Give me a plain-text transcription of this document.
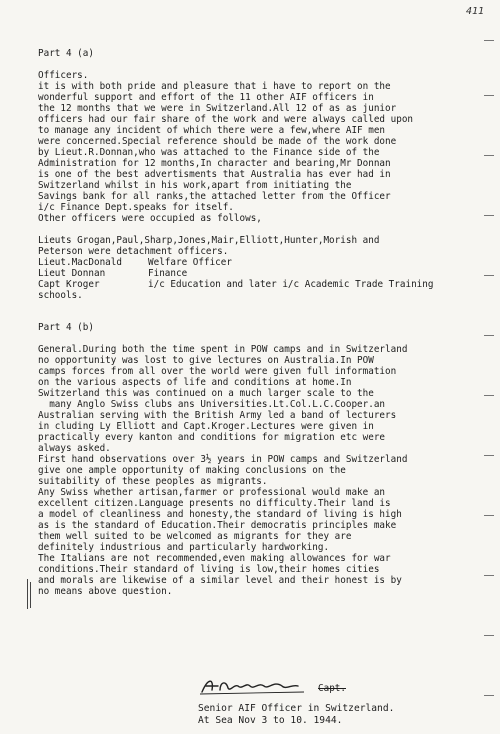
411
Part 4 (a)
Officers.
it is with both pride and pleasure that i have to report on the
wonderful support and effort of the 11 other AIF officers in
the 12 months that we were in Switzerland.All 12 of as as junior
officers had our fair share of the work and were always called upon
to manage any incident of which there were a few,where AIF men
were concerned.Special reference should be made of the work done
by Lieut.R.Donnan,who was attached to the Finance side of the
Administration for 12 months,In character and bearing,Mr Donnan
is one of the best advertisments that Australia has ever had in
Switzerland whilst in his work,apart from initiating the
Savings bank for all ranks,the attached letter from the Officer
i/c Finance Dept.speaks for itself.
Other officers were occupied as follows,
Lieuts Grogan,Paul,Sharp,Jones,Mair,Elliott,Hunter,Morish and
Peterson were detachment officers.
Lieut.MacDonald	Welfare Officer
Lieut Donnan	Finance
Capt Kroger	i/c Education and later i/c Academic Trade Training
schools.
Part 4 (b)
General.During both the time spent in POW camps and in Switzerland
no opportunity was lost to give lectures on Australia.In POW
camps forces from all over the world were given full information
on the various aspects of life and conditions at home.In
Switzerland this was continued on a much larger scale to the
many Anglo Swiss clubs ans Universities.Lt.Col.L.C.Cooper.an
Australian serving with the British Army led a band of lecturers
in cluding Ly Elliott and Capt.Kroger.Lectures were given in
practically every kanton and conditions for migration etc were
always asked.
First hand observations over 3½ years in POW camps and Switzerland
give one ample opportunity of making conclusions on the
suitability of these peoples as migrants.
Any Swiss whether artisan,farmer or professional would make an
excellent citizen.Language presents no difficulty.Their land is
a model of cleanliness and honesty,the standard of living is high
as is the standard of Education.Their democratis principles make
them well suited to be welcomed as migrants for they are
definitely industrious and particularly hardworking.
The Italians are not recommended,even making allowances for war
conditions.Their standard of living is low,their homes cities
and morals are likewise of a similar level and their honest is by
no means above question.
Capt.
Senior AIF Officer in Switzerland.
At Sea Nov 3 to 10. 1944.
